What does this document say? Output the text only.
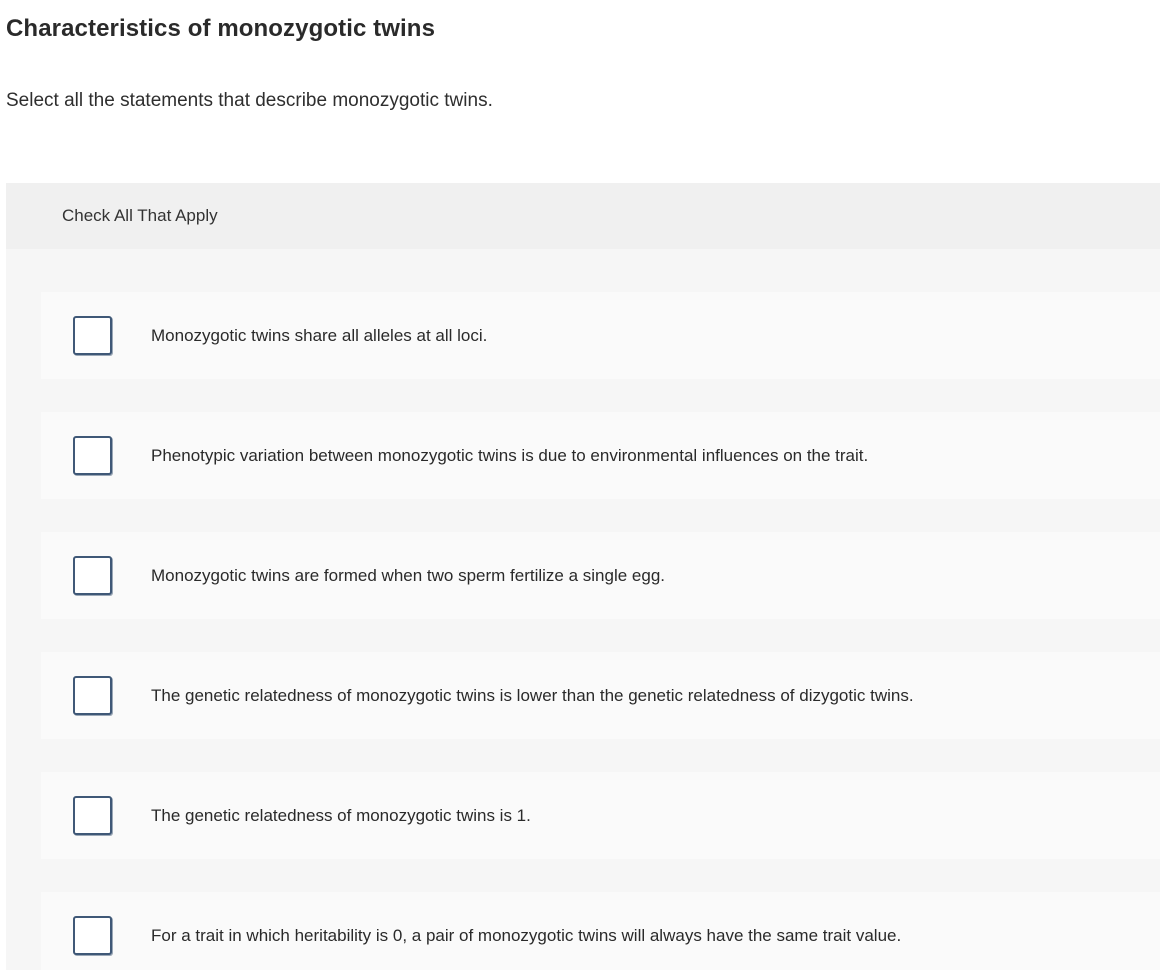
Characteristics of monozygotic twins

Select all the statements that describe monozygotic twins.

Check All That Apply
Monozygotic twins share all alleles at all loci.
Phenotypic variation between monozygotic twins is due to environmental influences on the trait.
Monozygotic twins are formed when two sperm fertilize a single egg.
The genetic relatedness of monozygotic twins is lower than the genetic relatedness of dizygotic twins.
The genetic relatedness of monozygotic twins is 1.
For a trait in which heritability is 0, a pair of monozygotic twins will always have the same trait value.
